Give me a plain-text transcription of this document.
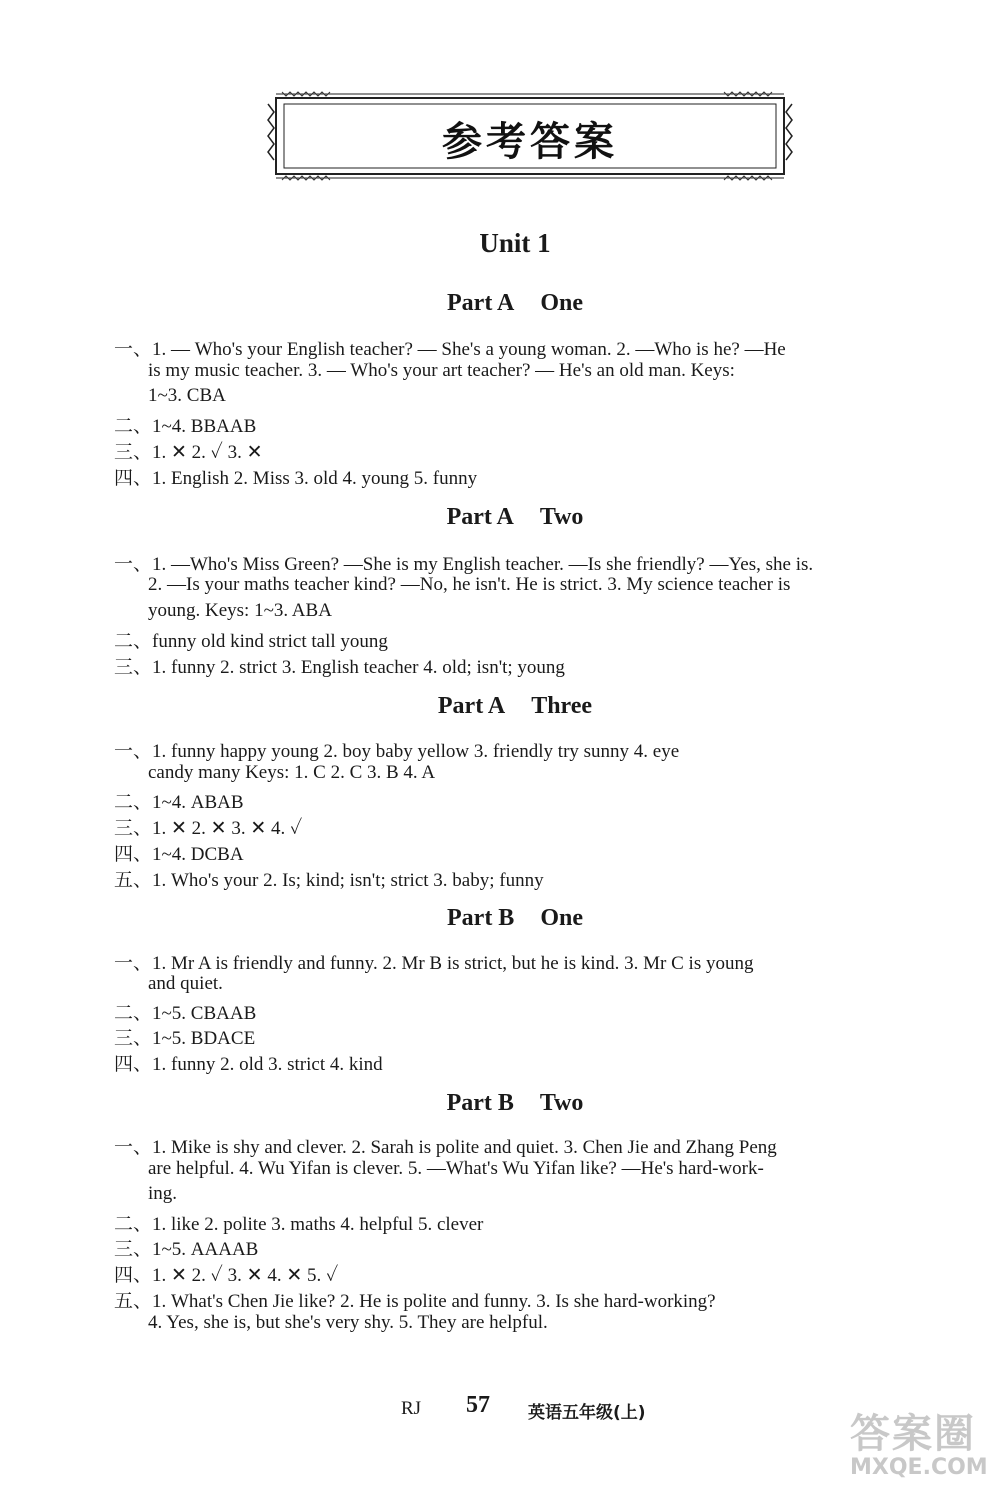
参考答案
Unit 1
Part A One
一、1. — Who's your English teacher? — She's a young woman. 2. —Who is he? —He
is my music teacher. 3. — Who's your art teacher? — He's an old man. Keys:
1~3. CBA
二、1~4. BBAAB
三、1. ✕ 2. ✓ 3. ✕
四、1. English 2. Miss 3. old 4. young 5. funny
Part A Two
一、1. —Who's Miss Green? —She is my English teacher. —Is she friendly? —Yes, she is.
2. —Is your maths teacher kind? —No, he isn't. He is strict. 3. My science teacher is
young. Keys: 1~3. ABA
二、funny old kind strict tall young
三、1. funny 2. strict 3. English teacher 4. old; isn't; young
Part A Three
一、1. funny happy young 2. boy baby yellow 3. friendly try sunny 4. eye
candy many Keys: 1. C 2. C 3. B 4. A
二、1~4. ABAB
三、1. ✕ 2. ✕ 3. ✕ 4. ✓
四、1~4. DCBA
五、1. Who's your 2. Is; kind; isn't; strict 3. baby; funny
Part B One
一、1. Mr A is friendly and funny. 2. Mr B is strict, but he is kind. 3. Mr C is young
and quiet.
二、1~5. CBAAB
三、1~5. BDACE
四、1. funny 2. old 3. strict 4. kind
Part B Two
一、1. Mike is shy and clever. 2. Sarah is polite and quiet. 3. Chen Jie and Zhang Peng
are helpful. 4. Wu Yifan is clever. 5. —What's Wu Yifan like? —He's hard-work-
ing.
二、1. like 2. polite 3. maths 4. helpful 5. clever
三、1~5. AAAAB
四、1. ✕ 2. ✓ 3. ✕ 4. ✕ 5. ✓
五、1. What's Chen Jie like? 2. He is polite and funny. 3. Is she hard-working?
4. Yes, she is, but she's very shy. 5. They are helpful.
RJ 57 英语五年级(上)	答案圈
MXQE.COM
